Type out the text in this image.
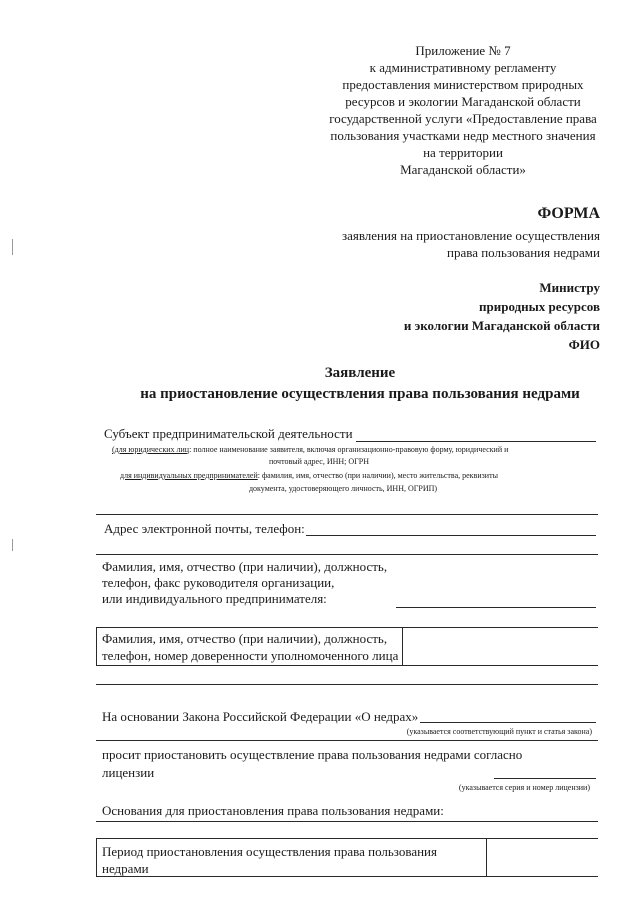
Приложение № 7
к административному регламенту
предоставления министерством природных
ресурсов и экологии Магаданской области
государственной услуги «Предоставление права
пользования участками недр местного значения
на территории
Магаданской области»
ФОРМА
заявления на приостановление осуществления
права пользования недрами
Министру
природных ресурсов
и экологии Магаданской области
ФИО
Заявление
на приостановление осуществления права пользования недрами
Субъект предпринимательской деятельности
(для юридических лиц: полное наименование заявителя, включая организационно-правовую форму, юридический и
почтовый адрес, ИНН; ОГРН
для индивидуальных предпринимателей: фамилия, имя, отчество (при наличии), место жительства, реквизиты
документа, удостоверяющего личность, ИНН, ОГРИП)
Адрес электронной почты, телефон:
Фамилия, имя, отчество (при наличии), должность,
телефон, факс руководителя организации,
или индивидуального предпринимателя:
Фамилия, имя, отчество (при наличии), должность,
телефон, номер доверенности уполномоченного лица
На основании Закона Российской Федерации «О недрах»
(указывается соответствующий пункт и статья закона)
просит приостановить осуществление права пользования недрами согласно
лицензии
(указывается серия и номер лицензии)
Основания для приостановления права пользования недрами:
Период приостановления осуществления права пользования
недрами
